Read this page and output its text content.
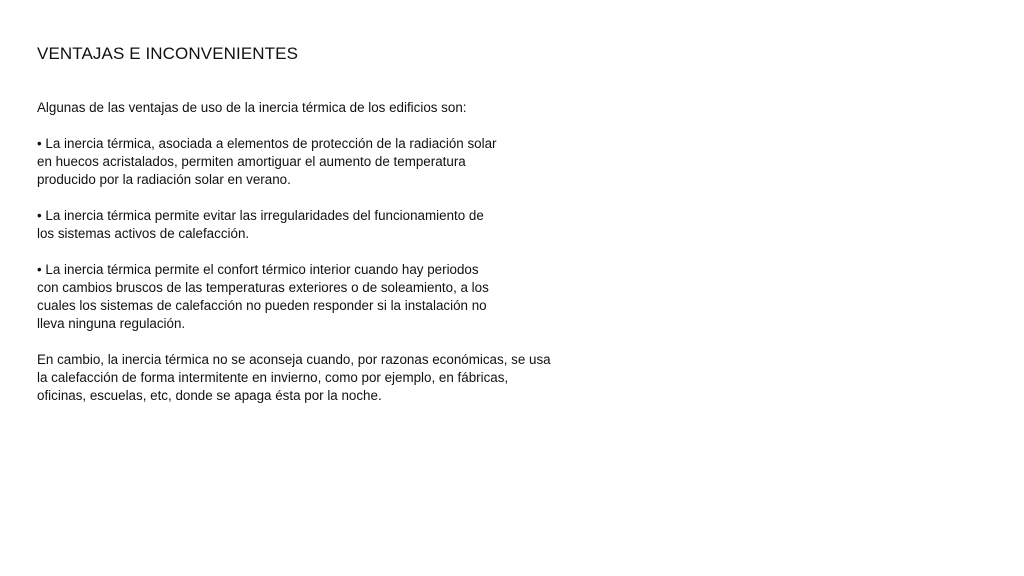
VENTAJAS E INCONVENIENTES
Algunas de las ventajas de uso de la inercia térmica de los edificios son:
• La inercia térmica, asociada a elementos de protección de la radiación solar
en huecos acristalados, permiten amortiguar el aumento de temperatura
producido por la radiación solar en verano.
• La inercia térmica permite evitar las irregularidades del funcionamiento de
los sistemas activos de calefacción.
• La inercia térmica permite el confort térmico interior cuando hay periodos
con cambios bruscos de las temperaturas exteriores o de soleamiento, a los
cuales los sistemas de calefacción no pueden responder si la instalación no
lleva ninguna regulación.
En cambio, la inercia térmica no se aconseja cuando, por razonas económicas, se usa
la calefacción de forma intermitente en invierno, como por ejemplo, en fábricas,
oficinas, escuelas, etc, donde se apaga ésta por la noche.
